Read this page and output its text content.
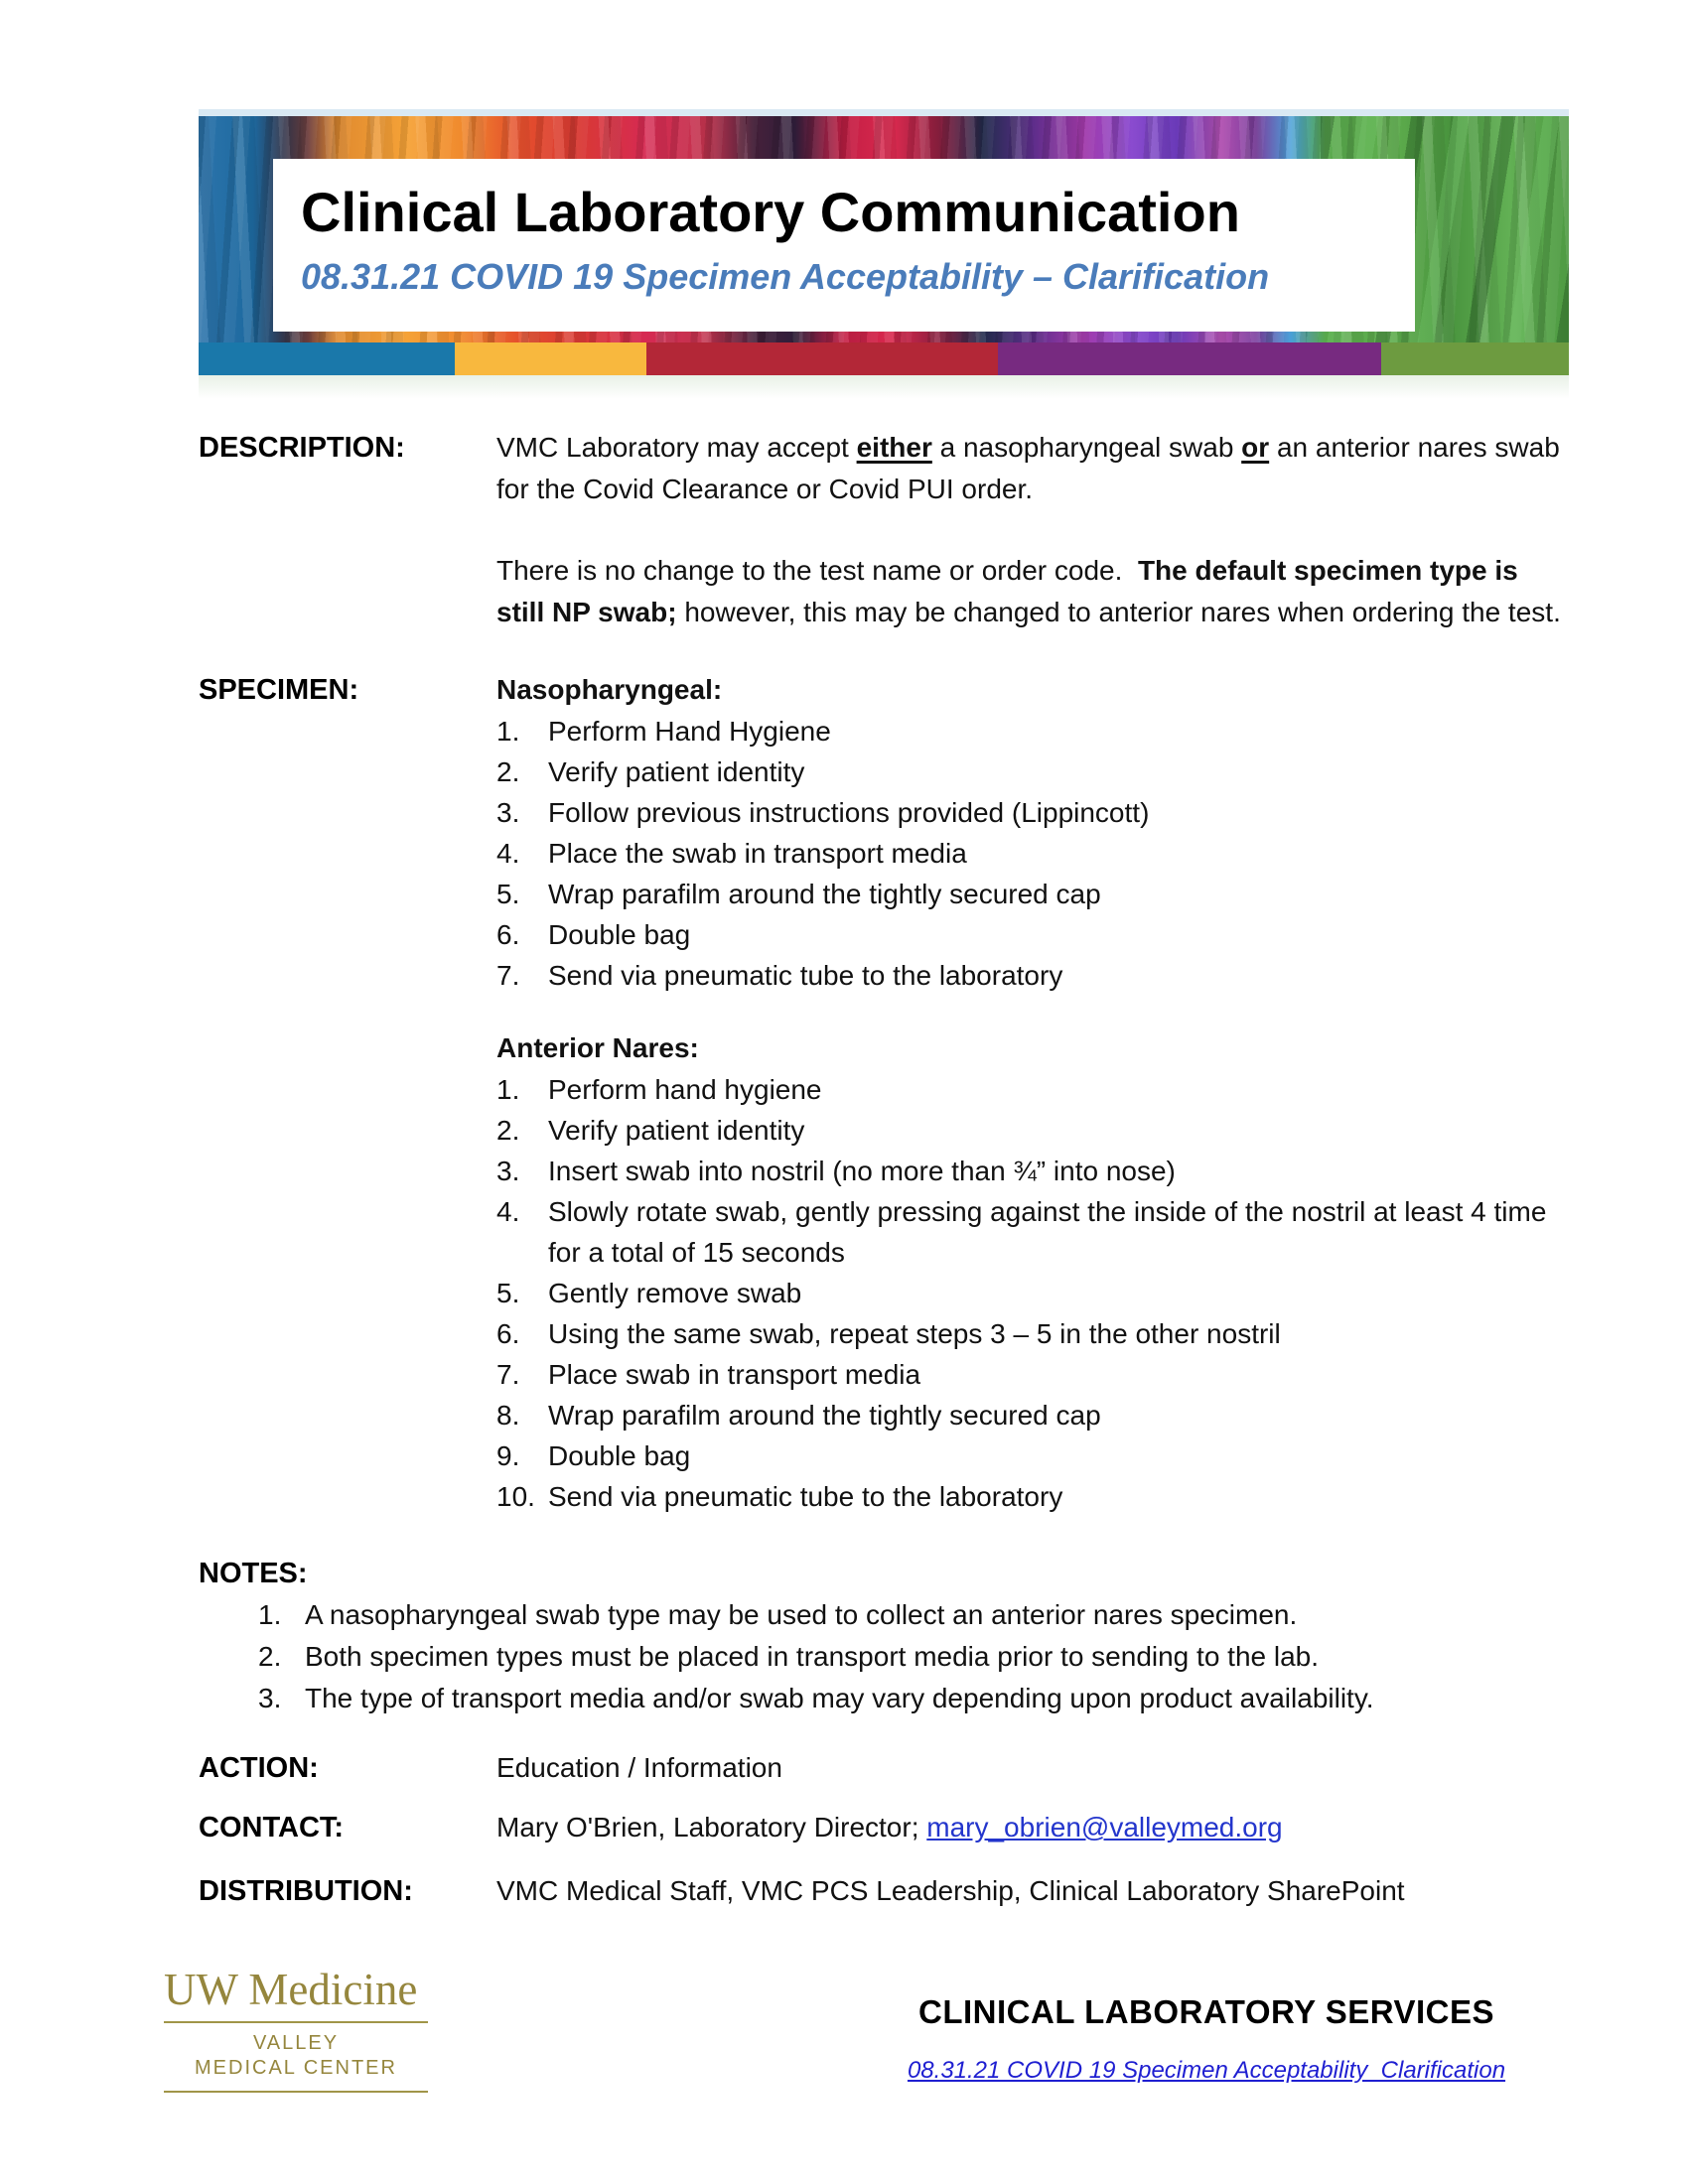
Clinical Laboratory Communication
08.31.21 COVID 19 Specimen Acceptability – Clarification
DESCRIPTION:	VMC Laboratory may accept either a nasopharyngeal swab or an anterior nares swab for the Covid Clearance or Covid PUI order.

There is no change to the test name or order code.  The default specimen type is still NP swab; however, this may be changed to anterior nares when ordering the test.

SPECIMEN:	Nasopharyngeal:
Perform Hand Hygiene
Verify patient identity
Follow previous instructions provided (Lippincott)
Place the swab in transport media
Wrap parafilm around the tightly secured cap
Double bag
Send via pneumatic tube to the laboratory
Anterior Nares:
Perform hand hygiene
Verify patient identity
Insert swab into nostril (no more than ¾” into nose)
Slowly rotate swab, gently pressing against the inside of the nostril at least 4 time for a total of 15 seconds
Gently remove swab
Using the same swab, repeat steps 3 – 5 in the other nostril
Place swab in transport media
Wrap parafilm around the tightly secured cap
Double bag
Send via pneumatic tube to the laboratory
NOTES:
A nasopharyngeal swab type may be used to collect an anterior nares specimen.
Both specimen types must be placed in transport media prior to sending to the lab.
The type of transport media and/or swab may vary depending upon product availability.
ACTION:	Education / Information
CONTACT:	Mary O'Brien, Laboratory Director; mary_obrien@valleymed.org
DISTRIBUTION:	VMC Medical Staff, VMC PCS Leadership, Clinical Laboratory SharePoint
UW Medicine
VALLEY
MEDICAL CENTER
CLINICAL LABORATORY SERVICES
08.31.21 COVID 19 Specimen Acceptability_Clarification
